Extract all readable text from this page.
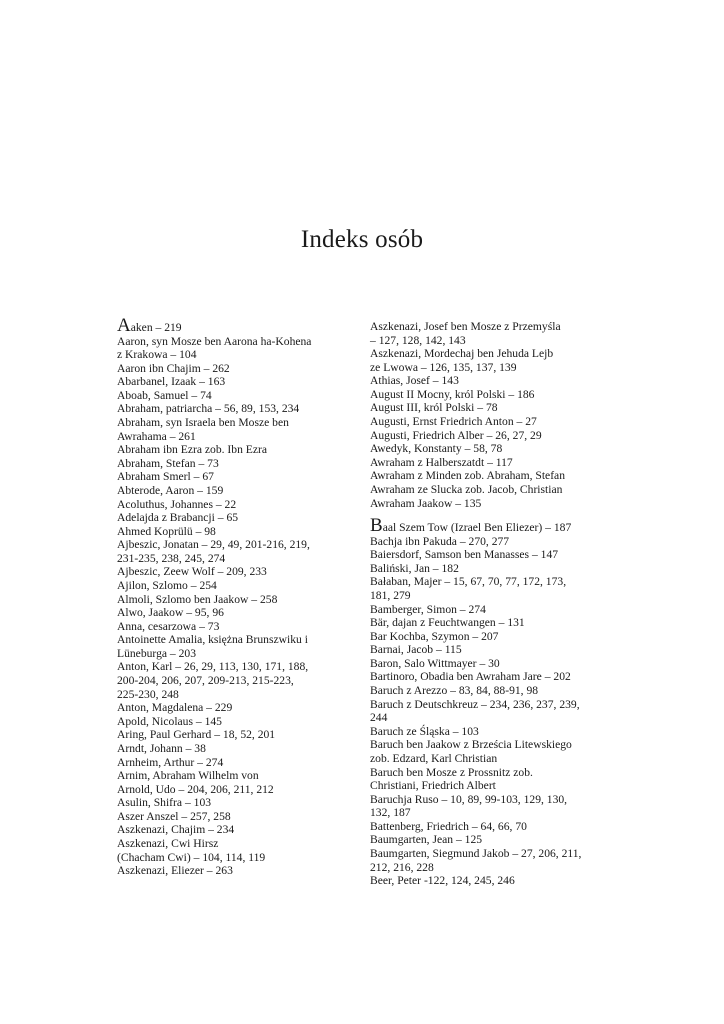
Indeks osób

Aaken – 219

Aaron, syn Mosze ben Aarona ha-Kohena
z Krakowa – 104

Aaron ibn Chajim – 262

Abarbanel, Izaak – 163

Aboab, Samuel – 74

Abraham, patriarcha – 56, 89, 153, 234

Abraham, syn Israela ben Mosze ben
Awrahama – 261

Abraham ibn Ezra zob. Ibn Ezra

Abraham, Stefan – 73

Abraham Smerl – 67

Abterode, Aaron – 159

Acoluthus, Johannes – 22

Adelajda z Brabancji – 65

Ahmed Koprülü – 98

Ajbeszic, Jonatan – 29, 49, 201-216, 219,
231-235, 238, 245, 274

Ajbeszic, Zeew Wolf – 209, 233

Ajilon, Szlomo – 254

Almoli, Szlomo ben Jaakow – 258

Alwo, Jaakow – 95, 96

Anna, cesarzowa – 73

Antoinette Amalia, księżna Brunszwiku i
Lüneburga – 203

Anton, Karl – 26, 29, 113, 130, 171, 188,
200-204, 206, 207, 209-213, 215-223,
225-230, 248

Anton, Magdalena – 229

Apold, Nicolaus – 145

Aring, Paul Gerhard – 18, 52, 201

Arndt, Johann – 38

Arnheim, Arthur – 274

Arnim, Abraham Wilhelm von

Arnold, Udo – 204, 206, 211, 212

Asulin, Shifra – 103

Aszer Anszel – 257, 258

Aszkenazi, Chajim – 234

Aszkenazi, Cwi Hirsz
(Chacham Cwi) – 104, 114, 119

Aszkenazi, Eliezer – 263

Aszkenazi, Josef ben Mosze z Przemyśla
– 127, 128, 142, 143

Aszkenazi, Mordechaj ben Jehuda Lejb
ze Lwowa – 126, 135, 137, 139

Athias, Josef – 143

August II Mocny, król Polski – 186

August III, król Polski – 78

Augusti, Ernst Friedrich Anton – 27

Augusti, Friedrich Alber – 26, 27, 29

Awedyk, Konstanty – 58, 78

Awraham z Halberszatdt – 117

Awraham z Minden zob. Abraham, Stefan

Awraham ze Slucka zob. Jacob, Christian

Awraham Jaakow – 135

Baal Szem Tow (Izrael Ben Eliezer) – 187

Bachja ibn Pakuda – 270, 277

Baiersdorf, Samson ben Manasses – 147

Baliński, Jan – 182

Bałaban, Majer – 15, 67, 70, 77, 172, 173,
181, 279

Bamberger, Simon – 274

Bär, dajan z Feuchtwangen – 131

Bar Kochba, Szymon – 207

Barnai, Jacob – 115

Baron, Salo Wittmayer – 30

Bartinoro, Obadia ben Awraham Jare – 202

Baruch z Arezzo – 83, 84, 88-91, 98

Baruch z Deutschkreuz – 234, 236, 237, 239,
244

Baruch ze Śląska – 103

Baruch ben Jaakow z Brześcia Litewskiego
zob. Edzard, Karl Christian

Baruch ben Mosze z Prossnitz zob.
Christiani, Friedrich Albert

Baruchja Ruso – 10, 89, 99-103, 129, 130,
132, 187

Battenberg, Friedrich – 64, 66, 70

Baumgarten, Jean – 125

Baumgarten, Siegmund Jakob – 27, 206, 211,
212, 216, 228

Beer, Peter -122, 124, 245, 246
